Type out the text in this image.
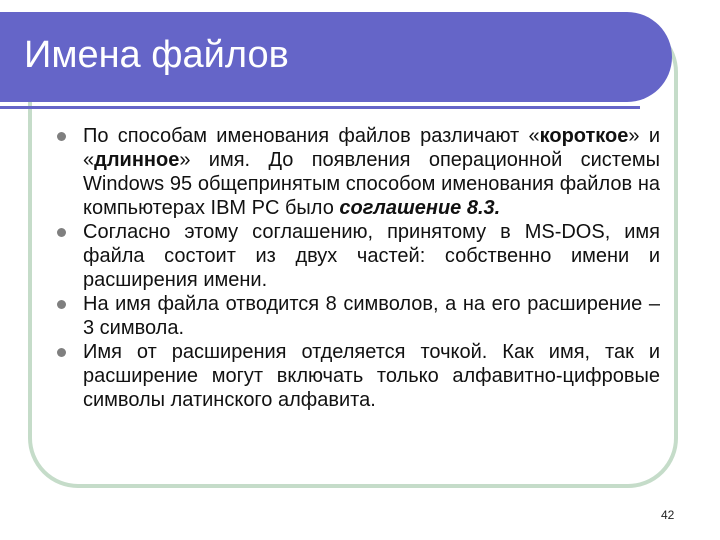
Имена файлов
По способам именования файлов различают «короткое» и «длинное» имя. До появления операционной системы Windows 95 общепринятым способом именования файлов на компьютерах IBM PC было соглашение 8.3.
Согласно этому соглашению, принятому в MS-DOS, имя файла состоит из двух частей: собственно имени и расширения имени.
На имя файла отводится 8 символов, а на его расширение – 3 символа.
Имя от расширения отделяется точкой. Как имя, так и расширение могут включать только алфавитно-цифровые символы латинского алфавита.
42
